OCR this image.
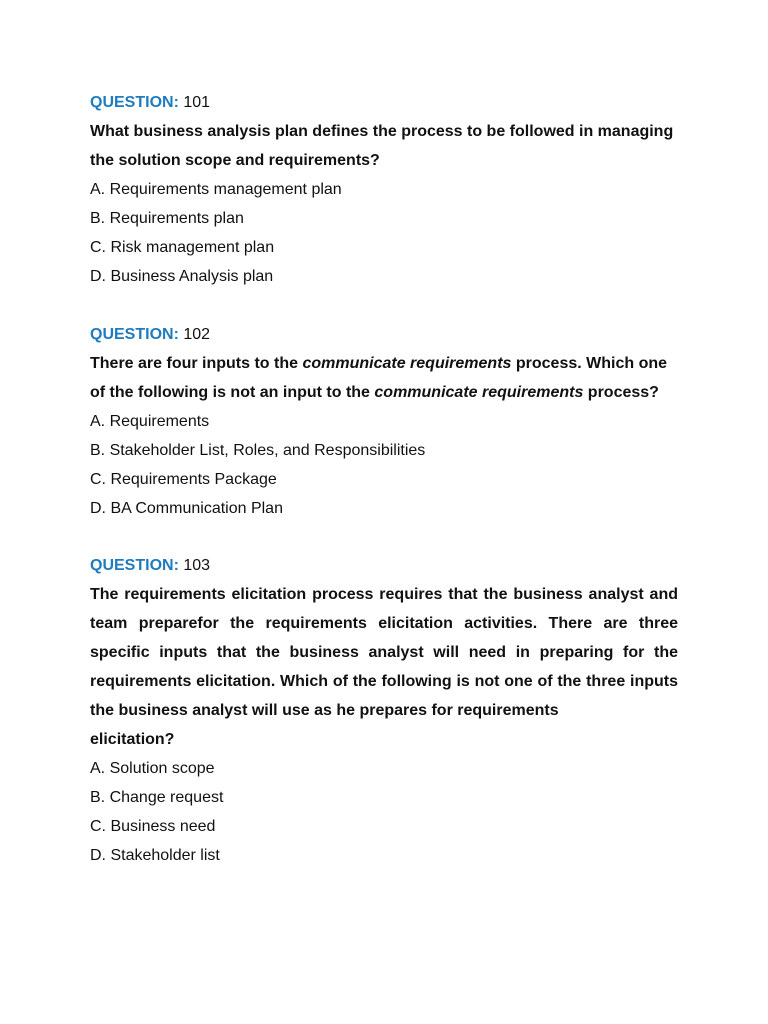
QUESTION: 101

What business analysis plan defines the process to be followed in managing the solution scope and requirements?

A. Requirements management plan

B. Requirements plan

C. Risk management plan

D. Business Analysis plan

QUESTION: 102

There are four inputs to the communicate requirements process. Which one of the following is not an input to the communicate requirements process?

A. Requirements

B. Stakeholder List, Roles, and Responsibilities

C. Requirements Package

D. BA Communication Plan

QUESTION: 103

The requirements elicitation process requires that the business analyst and team preparefor the requirements elicitation activities. There are three specific inputs that the business analyst will need in preparing for the requirements elicitation. Which of the following is not one of the three inputs the business analyst will use as he prepares for requirements
elicitation?

A. Solution scope

B. Change request

C. Business need

D. Stakeholder list
